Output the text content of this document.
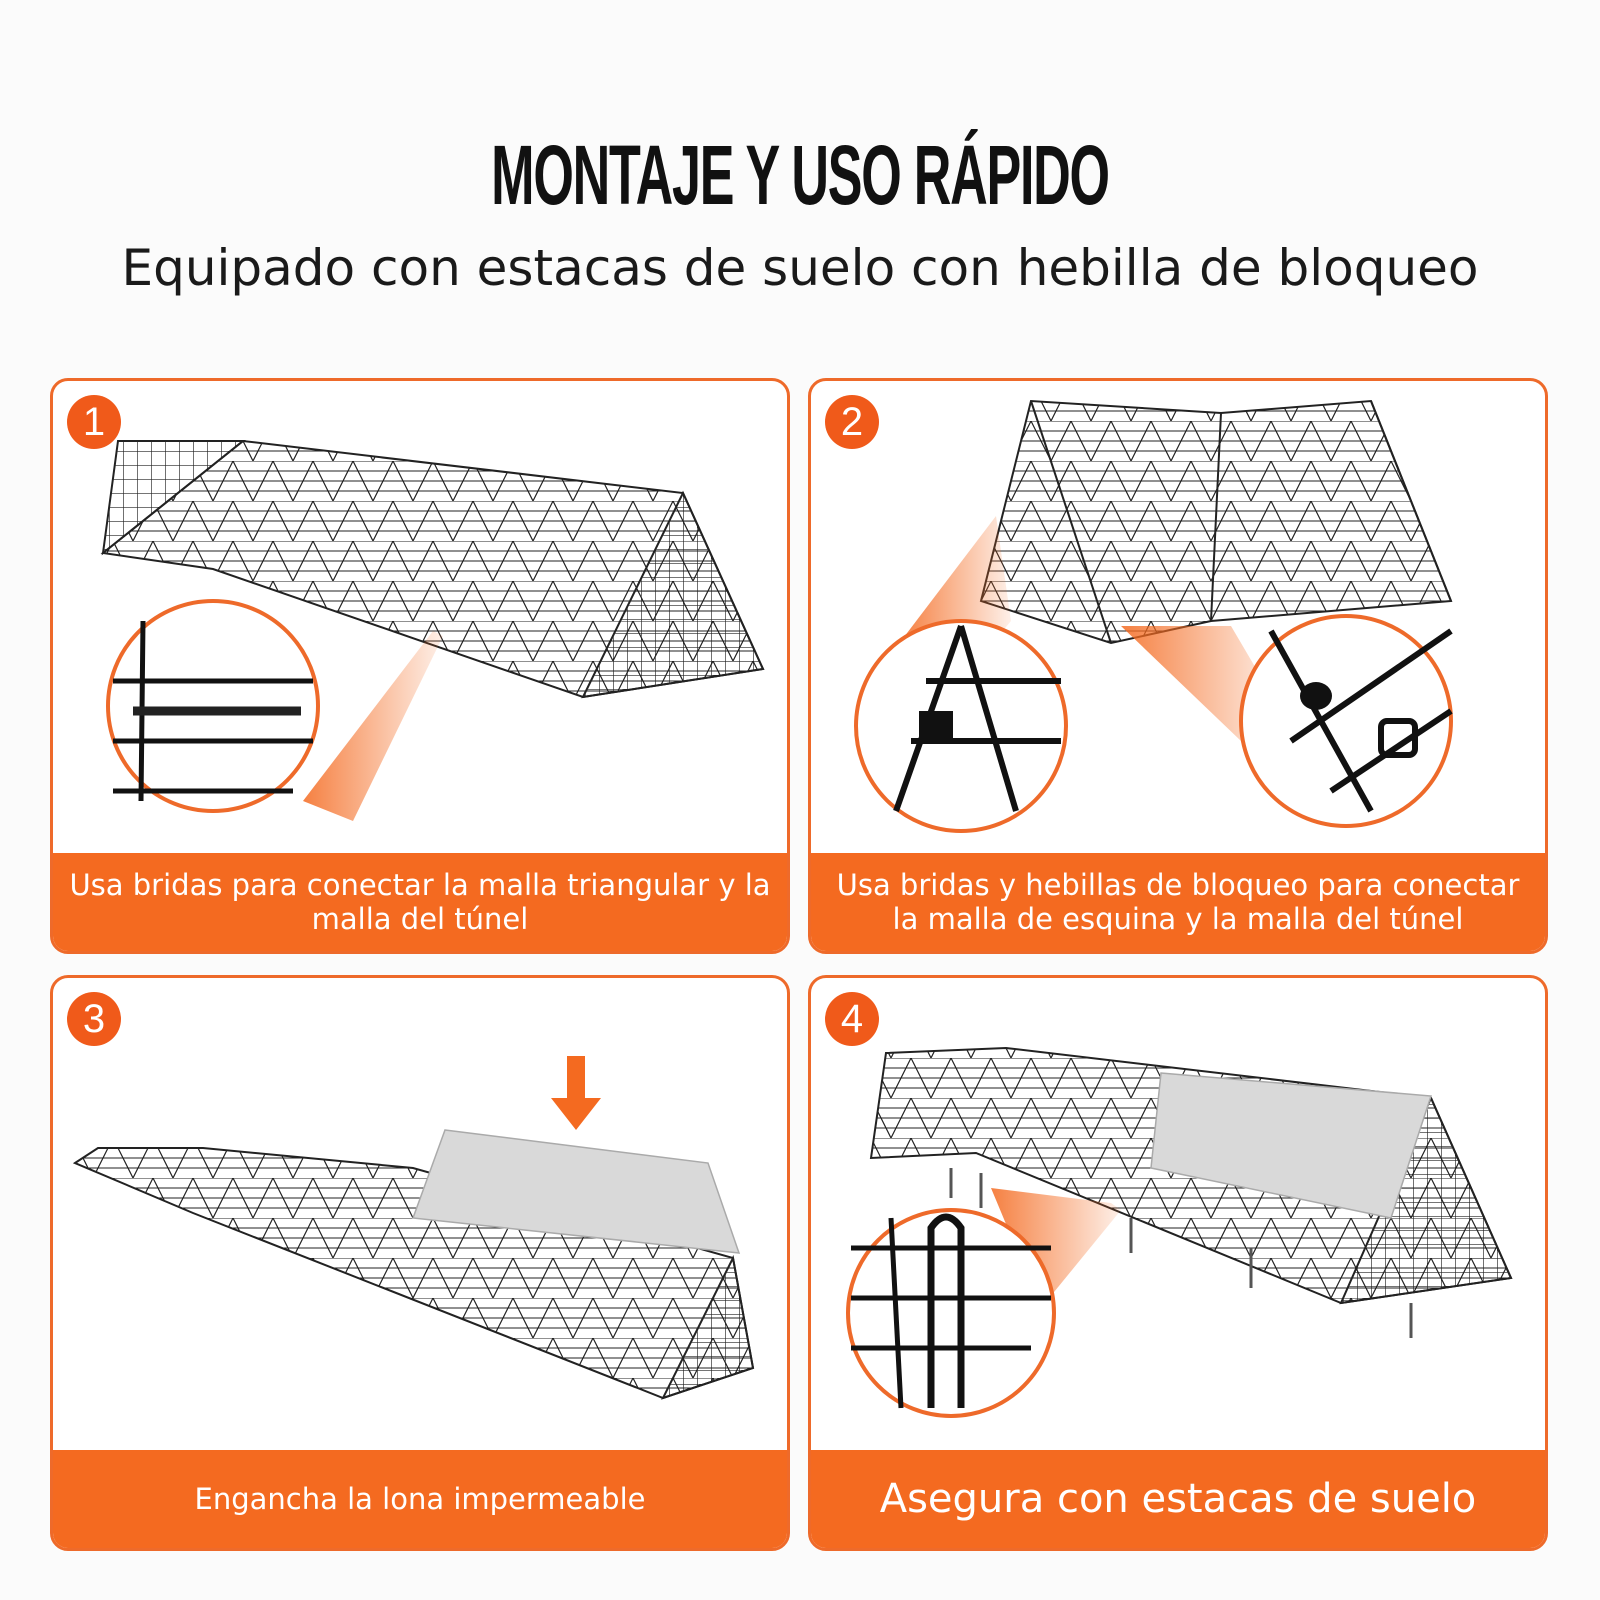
MONTAJE Y USO RÁPIDO
Equipado con estacas de suelo con hebilla de bloqueo
1
Usa bridas para conectar la malla triangular y la malla del túnel
2
Usa bridas y hebillas de bloqueo para conectar la malla de esquina y la malla del túnel
3
Engancha la lona impermeable
4
Asegura con estacas de suelo
